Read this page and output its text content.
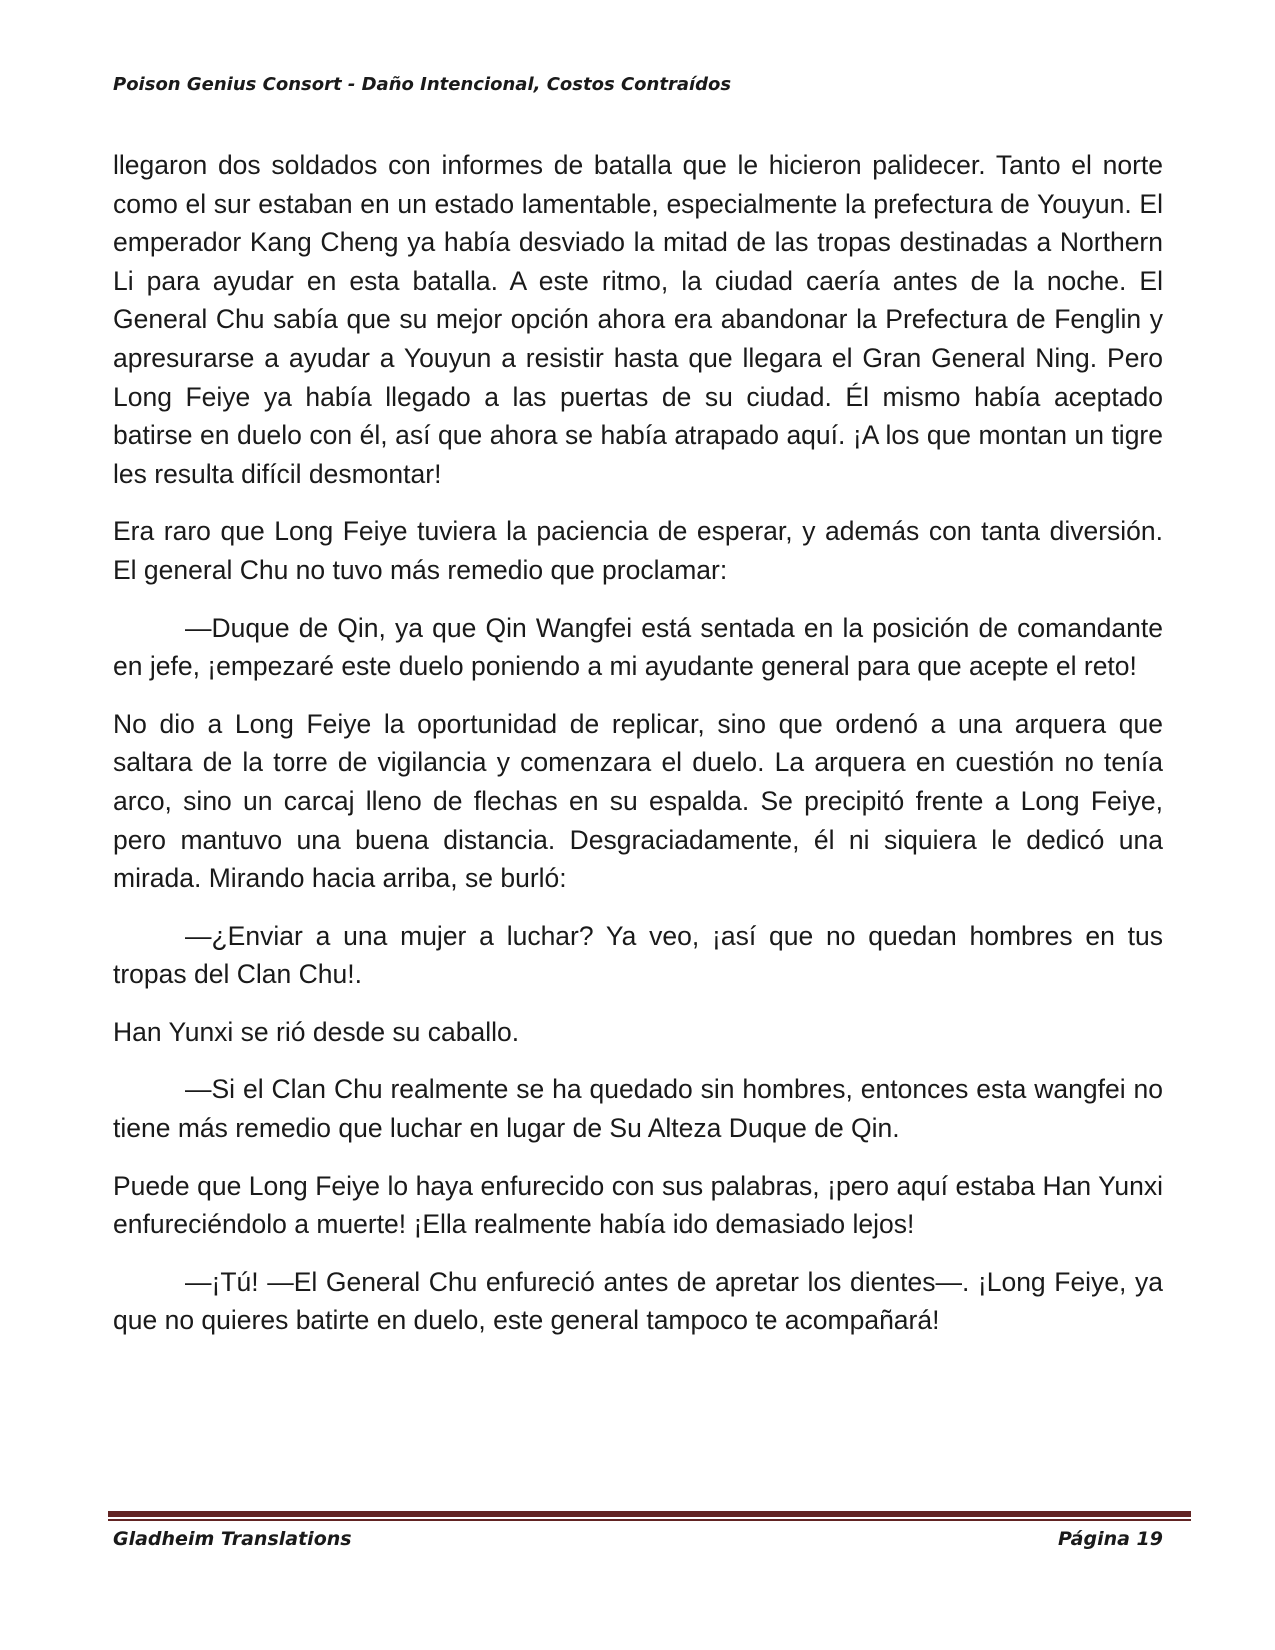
Poison Genius Consort - Daño Intencional, Costos Contraídos

llegaron dos soldados con informes de batalla que le hicieron palidecer. Tanto el norte como el sur estaban en un estado lamentable, especialmente la prefectura de Youyun. El emperador Kang Cheng ya había desviado la mitad de las tropas destinadas a Northern Li para ayudar en esta batalla. A este ritmo, la ciudad caería antes de la noche. El General Chu sabía que su mejor opción ahora era abandonar la Prefectura de Fenglin y apresurarse a ayudar a Youyun a resistir hasta que llegara el Gran General Ning. Pero Long Feiye ya había llegado a las puertas de su ciudad. Él mismo había aceptado batirse en duelo con él, así que ahora se había atrapado aquí. ¡A los que montan un tigre les resulta difícil desmontar!

Era raro que Long Feiye tuviera la paciencia de esperar, y además con tanta diversión. El general Chu no tuvo más remedio que proclamar:

—Duque de Qin, ya que Qin Wangfei está sentada en la posición de comandante en jefe, ¡empezaré este duelo poniendo a mi ayudante general para que acepte el reto!

No dio a Long Feiye la oportunidad de replicar, sino que ordenó a una arquera que saltara de la torre de vigilancia y comenzara el duelo. La arquera en cuestión no tenía arco, sino un carcaj lleno de flechas en su espalda. Se precipitó frente a Long Feiye, pero mantuvo una buena distancia. Desgraciadamente, él ni siquiera le dedicó una mirada. Mirando hacia arriba, se burló:

—¿Enviar a una mujer a luchar? Ya veo, ¡así que no quedan hombres en tus tropas del Clan Chu!.

Han Yunxi se rió desde su caballo.

—Si el Clan Chu realmente se ha quedado sin hombres, entonces esta wangfei no tiene más remedio que luchar en lugar de Su Alteza Duque de Qin.

Puede que Long Feiye lo haya enfurecido con sus palabras, ¡pero aquí estaba Han Yunxi enfureciéndolo a muerte! ¡Ella realmente había ido demasiado lejos!

—¡Tú! —El General Chu enfureció antes de apretar los dientes—. ¡Long Feiye, ya que no quieres batirte en duelo, este general tampoco te acompañará!

Gladheim Translations	Página 19
